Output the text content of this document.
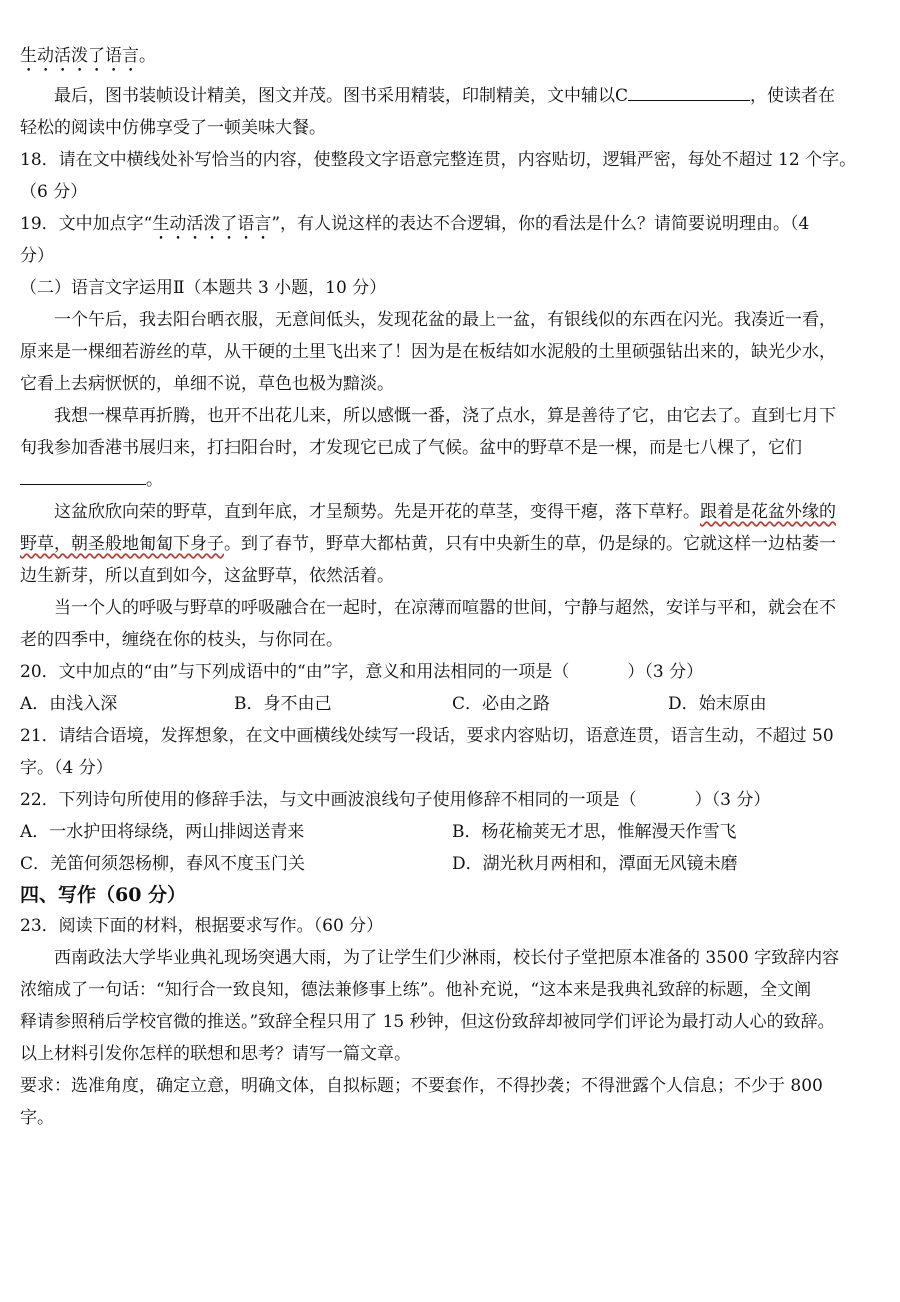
生动活泼了语言。
最后，图书装帧设计精美，图文并茂。图书采用精装，印制精美，文中辅以C	，使读者在
轻松的阅读中仿佛享受了一顿美味大餐。
18．请在文中横线处补写恰当的内容，使整段文字语意完整连贯，内容贴切，逻辑严密，每处不超过 12 个字。
（6 分）
19．文中加点字“生动活泼了语言”，有人说这样的表达不合逻辑，你的看法是什么？请简要说明理由。（4
分）
（二）语言文字运用Ⅱ（本题共 3 小题，10 分）
一个午后，我去阳台晒衣服，无意间低头，发现花盆的最上一盆，有银线似的东西在闪光。我凑近一看，
原来是一棵细若游丝的草，从干硬的土里飞出来了！因为是在板结如水泥般的土里硕强钻出来的，缺光少水，
它看上去病恹恹的，单细不说，草色也极为黯淡。
我想一棵草再折腾，也开不出花儿来，所以感慨一番，浇了点水，算是善待了它，由它去了。直到七月下
旬我参加香港书展归来，打扫阳台时，才发现它已成了气候。盆中的野草不是一棵，而是七八棵了，它们
。
这盆欣欣向荣的野草，直到年底，才呈颓势。先是开花的草茎，变得干瘪，落下草籽。跟着是花盆外缘的
野草，朝圣般地匍匐下身子。到了春节，野草大都枯黄，只有中央新生的草，仍是绿的。它就这样一边枯萎一
边生新芽，所以直到如今，这盆野草，依然活着。
当一个人的呼吸与野草的呼吸融合在一起时，在凉薄而喧嚣的世间，宁静与超然，安详与平和，就会在不
老的四季中，缠绕在你的枝头，与你同在。
20．文中加点的“由”与下列成语中的“由”字，意义和用法相同的一项是（	）（3 分）
A．由浅入深	B．身不由己	C．必由之路	D．始末原由
21．请结合语境，发挥想象，在文中画横线处续写一段话，要求内容贴切，语意连贯，语言生动，不超过 50
字。（4 分）
22．下列诗句所使用的修辞手法，与文中画波浪线句子使用修辞不相同的一项是（	）（3 分）
A．一水护田将绿绕，两山排闼送青来	B．杨花榆荚无才思，惟解漫天作雪飞
C．羌笛何须怨杨柳，春风不度玉门关	D．湖光秋月两相和，潭面无风镜未磨
四、写作（60 分）
23．阅读下面的材料，根据要求写作。（60 分）
西南政法大学毕业典礼现场突遇大雨，为了让学生们少淋雨，校长付子堂把原本准备的 3500 字致辞内容
浓缩成了一句话：“知行合一致良知，德法兼修事上练”。他补充说，“这本来是我典礼致辞的标题，全文阐
释请参照稍后学校官微的推送。”致辞全程只用了 15 秒钟，但这份致辞却被同学们评论为最打动人心的致辞。
以上材料引发你怎样的联想和思考？请写一篇文章。
要求：选准角度，确定立意，明确文体，自拟标题；不要套作，不得抄袭；不得泄露个人信息；不少于 800
字。
